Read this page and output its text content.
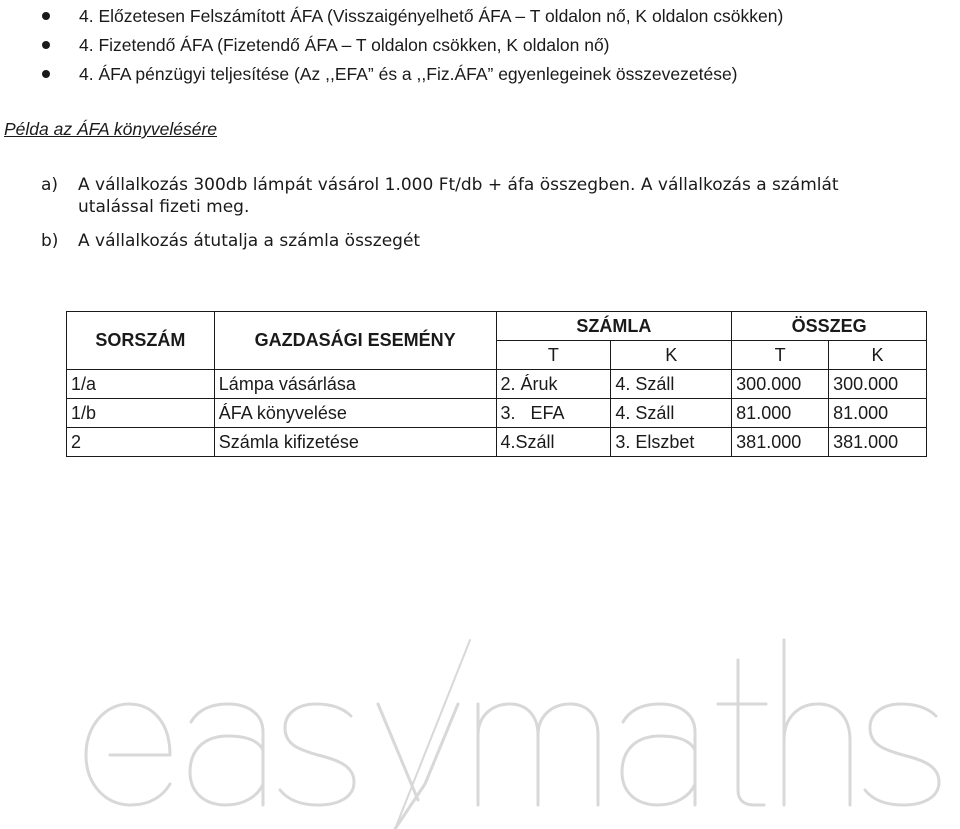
4. Előzetesen Felszámított ÁFA (Visszaigényelhető ÁFA – T oldalon nő, K oldalon csökken)
4. Fizetendő ÁFA (Fizetendő ÁFA – T oldalon csökken, K oldalon nő)
4. ÁFA pénzügyi teljesítése (Az ,,EFA” és a ,,Fiz.ÁFA” egyenlegeinek összevezetése)
Példa az ÁFA könyvelésére
a) A vállalkozás 300db lámpát vásárol 1.000 Ft/db + áfa összegben. A vállalkozás a számlát
utalással fizeti meg.
b) A vállalkozás átutalja a számla összegét
SORSZÁM	GAZDASÁGI ESEMÉNY	SZÁMLA		ÖSSZEG	
		T	K	T	K
1/a	Lámpa vásárlása	2. Áruk	4. Száll	300.000	300.000
1/b	ÁFA könyvelése	3.   EFA	4. Száll	81.000	81.000
2	Számla kifizetése	4.Száll	3. Elszbet	381.000	381.000
